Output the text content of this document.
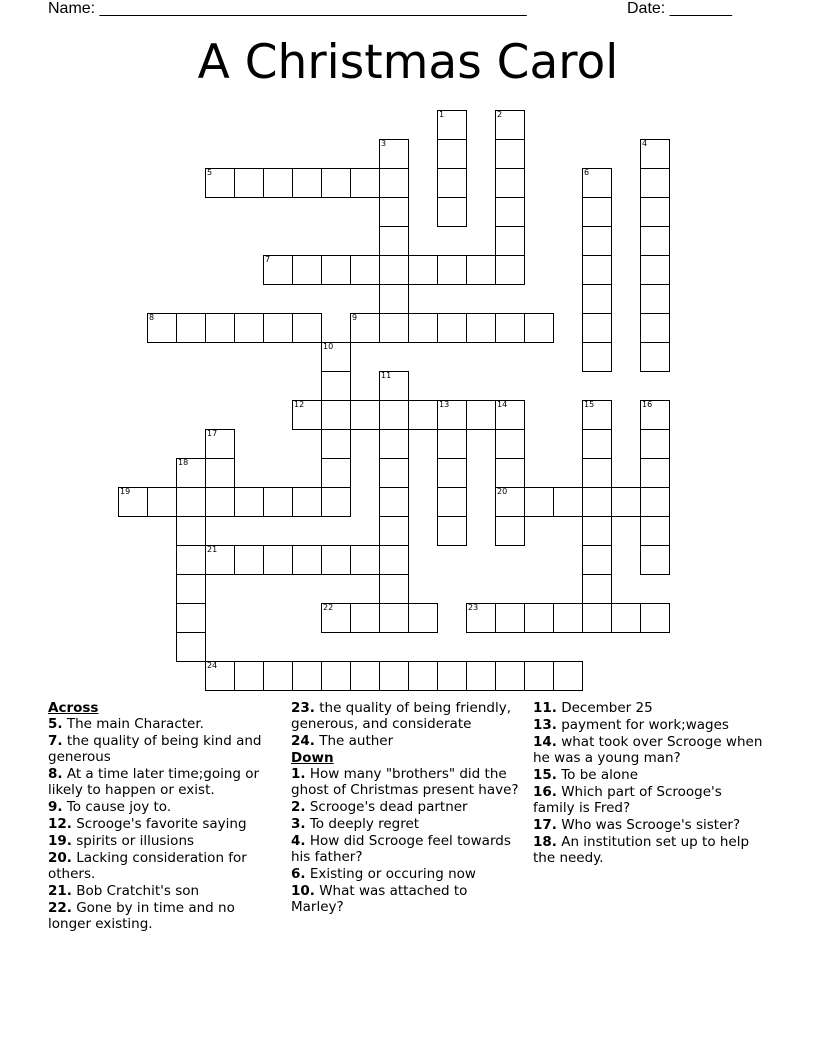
Name: ________________________________________________	Date: _______
A Christmas Carol
1	2
3	4
5	6
7
8	9
10
11
12	13	14	15	16
17
18
19	20
21
22	23
24
Across
5. The main Character.
7. the quality of being kind and generous
8. At a time later time;going or likely to happen or exist.
9. To cause joy to.
12. Scrooge's favorite saying
19. spirits or illusions
20. Lacking consideration for others.
21. Bob Cratchit's son
22. Gone by in time and no longer existing.
23. the quality of being friendly, generous, and considerate
24. The auther
Down
1. How many "brothers" did the ghost of Christmas present have?
2. Scrooge's dead partner
3. To deeply regret
4. How did Scrooge feel towards his father?
6. Existing or occuring now
10. What was attached to Marley?
11. December 25
13. payment for work;wages
14. what took over Scrooge when he was a young man?
15. To be alone
16. Which part of Scrooge's family is Fred?
17. Who was Scrooge's sister?
18. An institution set up to help the needy.
